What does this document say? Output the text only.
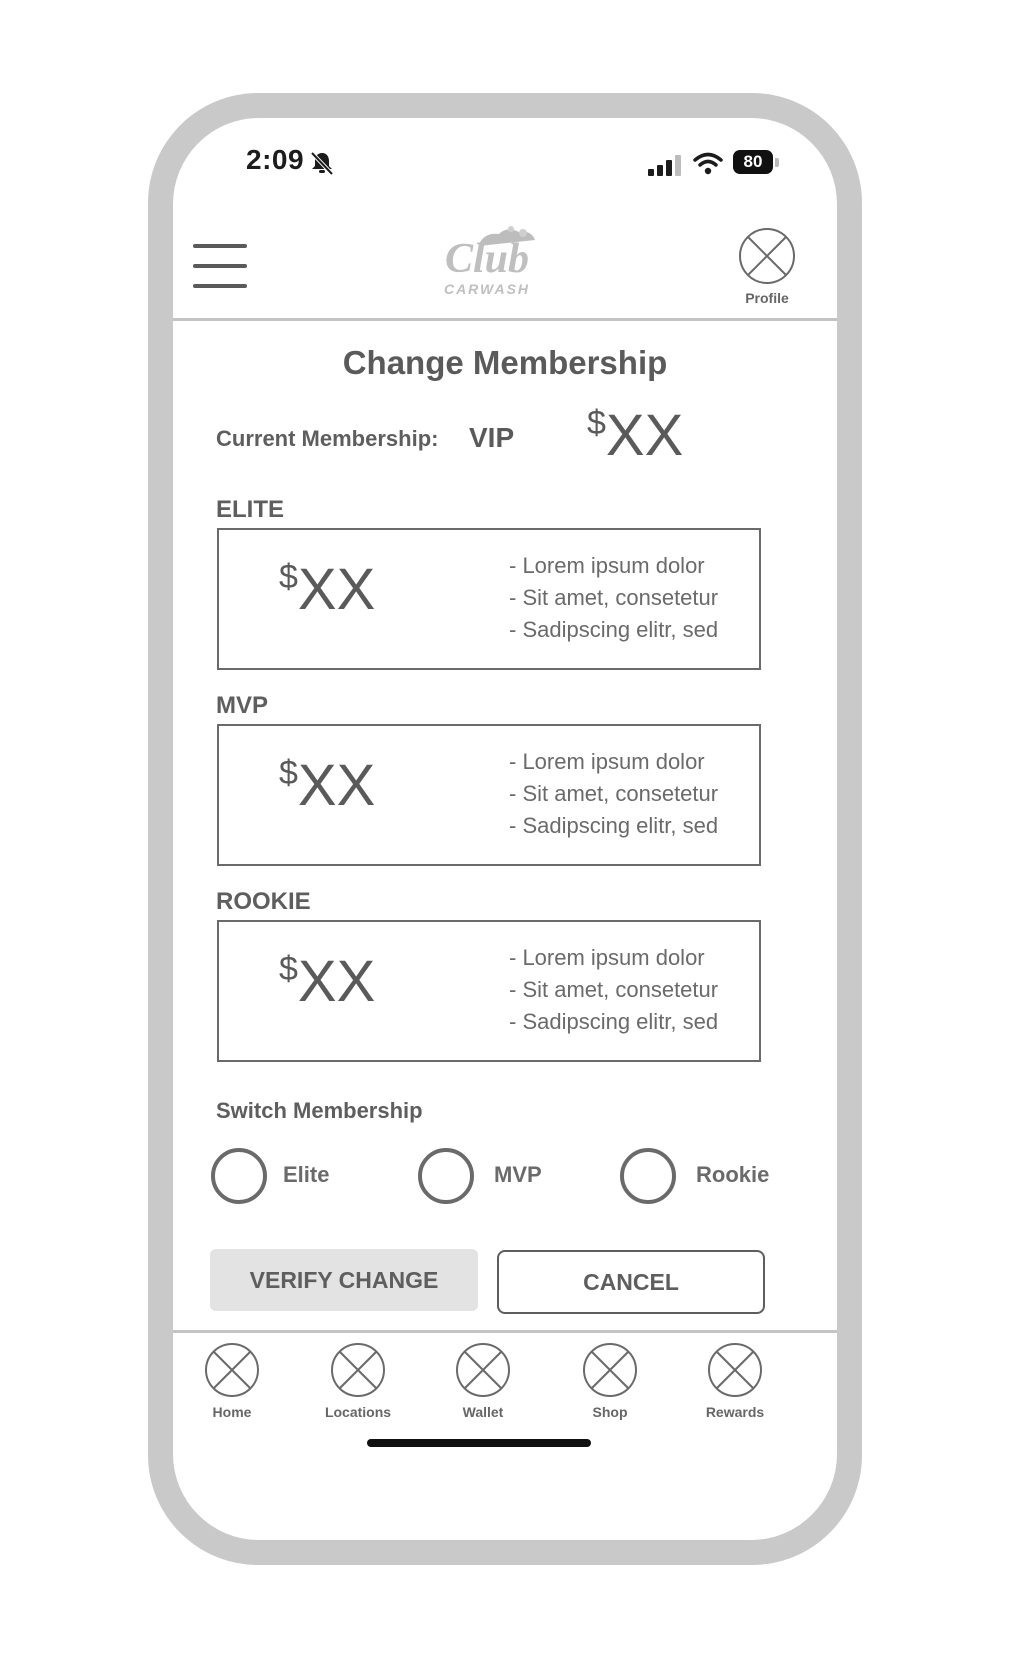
2:09	80
Club
CARWASH
Profile
Change Membership
Current Membership: VIP $XX
ELITE
$XX	- Lorem ipsum dolor
- Sit amet, consetetur
- Sadipscing elitr, sed
MVP
$XX	- Lorem ipsum dolor
- Sit amet, consetetur
- Sadipscing elitr, sed
ROOKIE
$XX	- Lorem ipsum dolor
- Sit amet, consetetur
- Sadipscing elitr, sed
Switch Membership
Elite	MVP	Rookie
VERIFY CHANGE	CANCEL
Home	Locations	Wallet	Shop	Rewards
